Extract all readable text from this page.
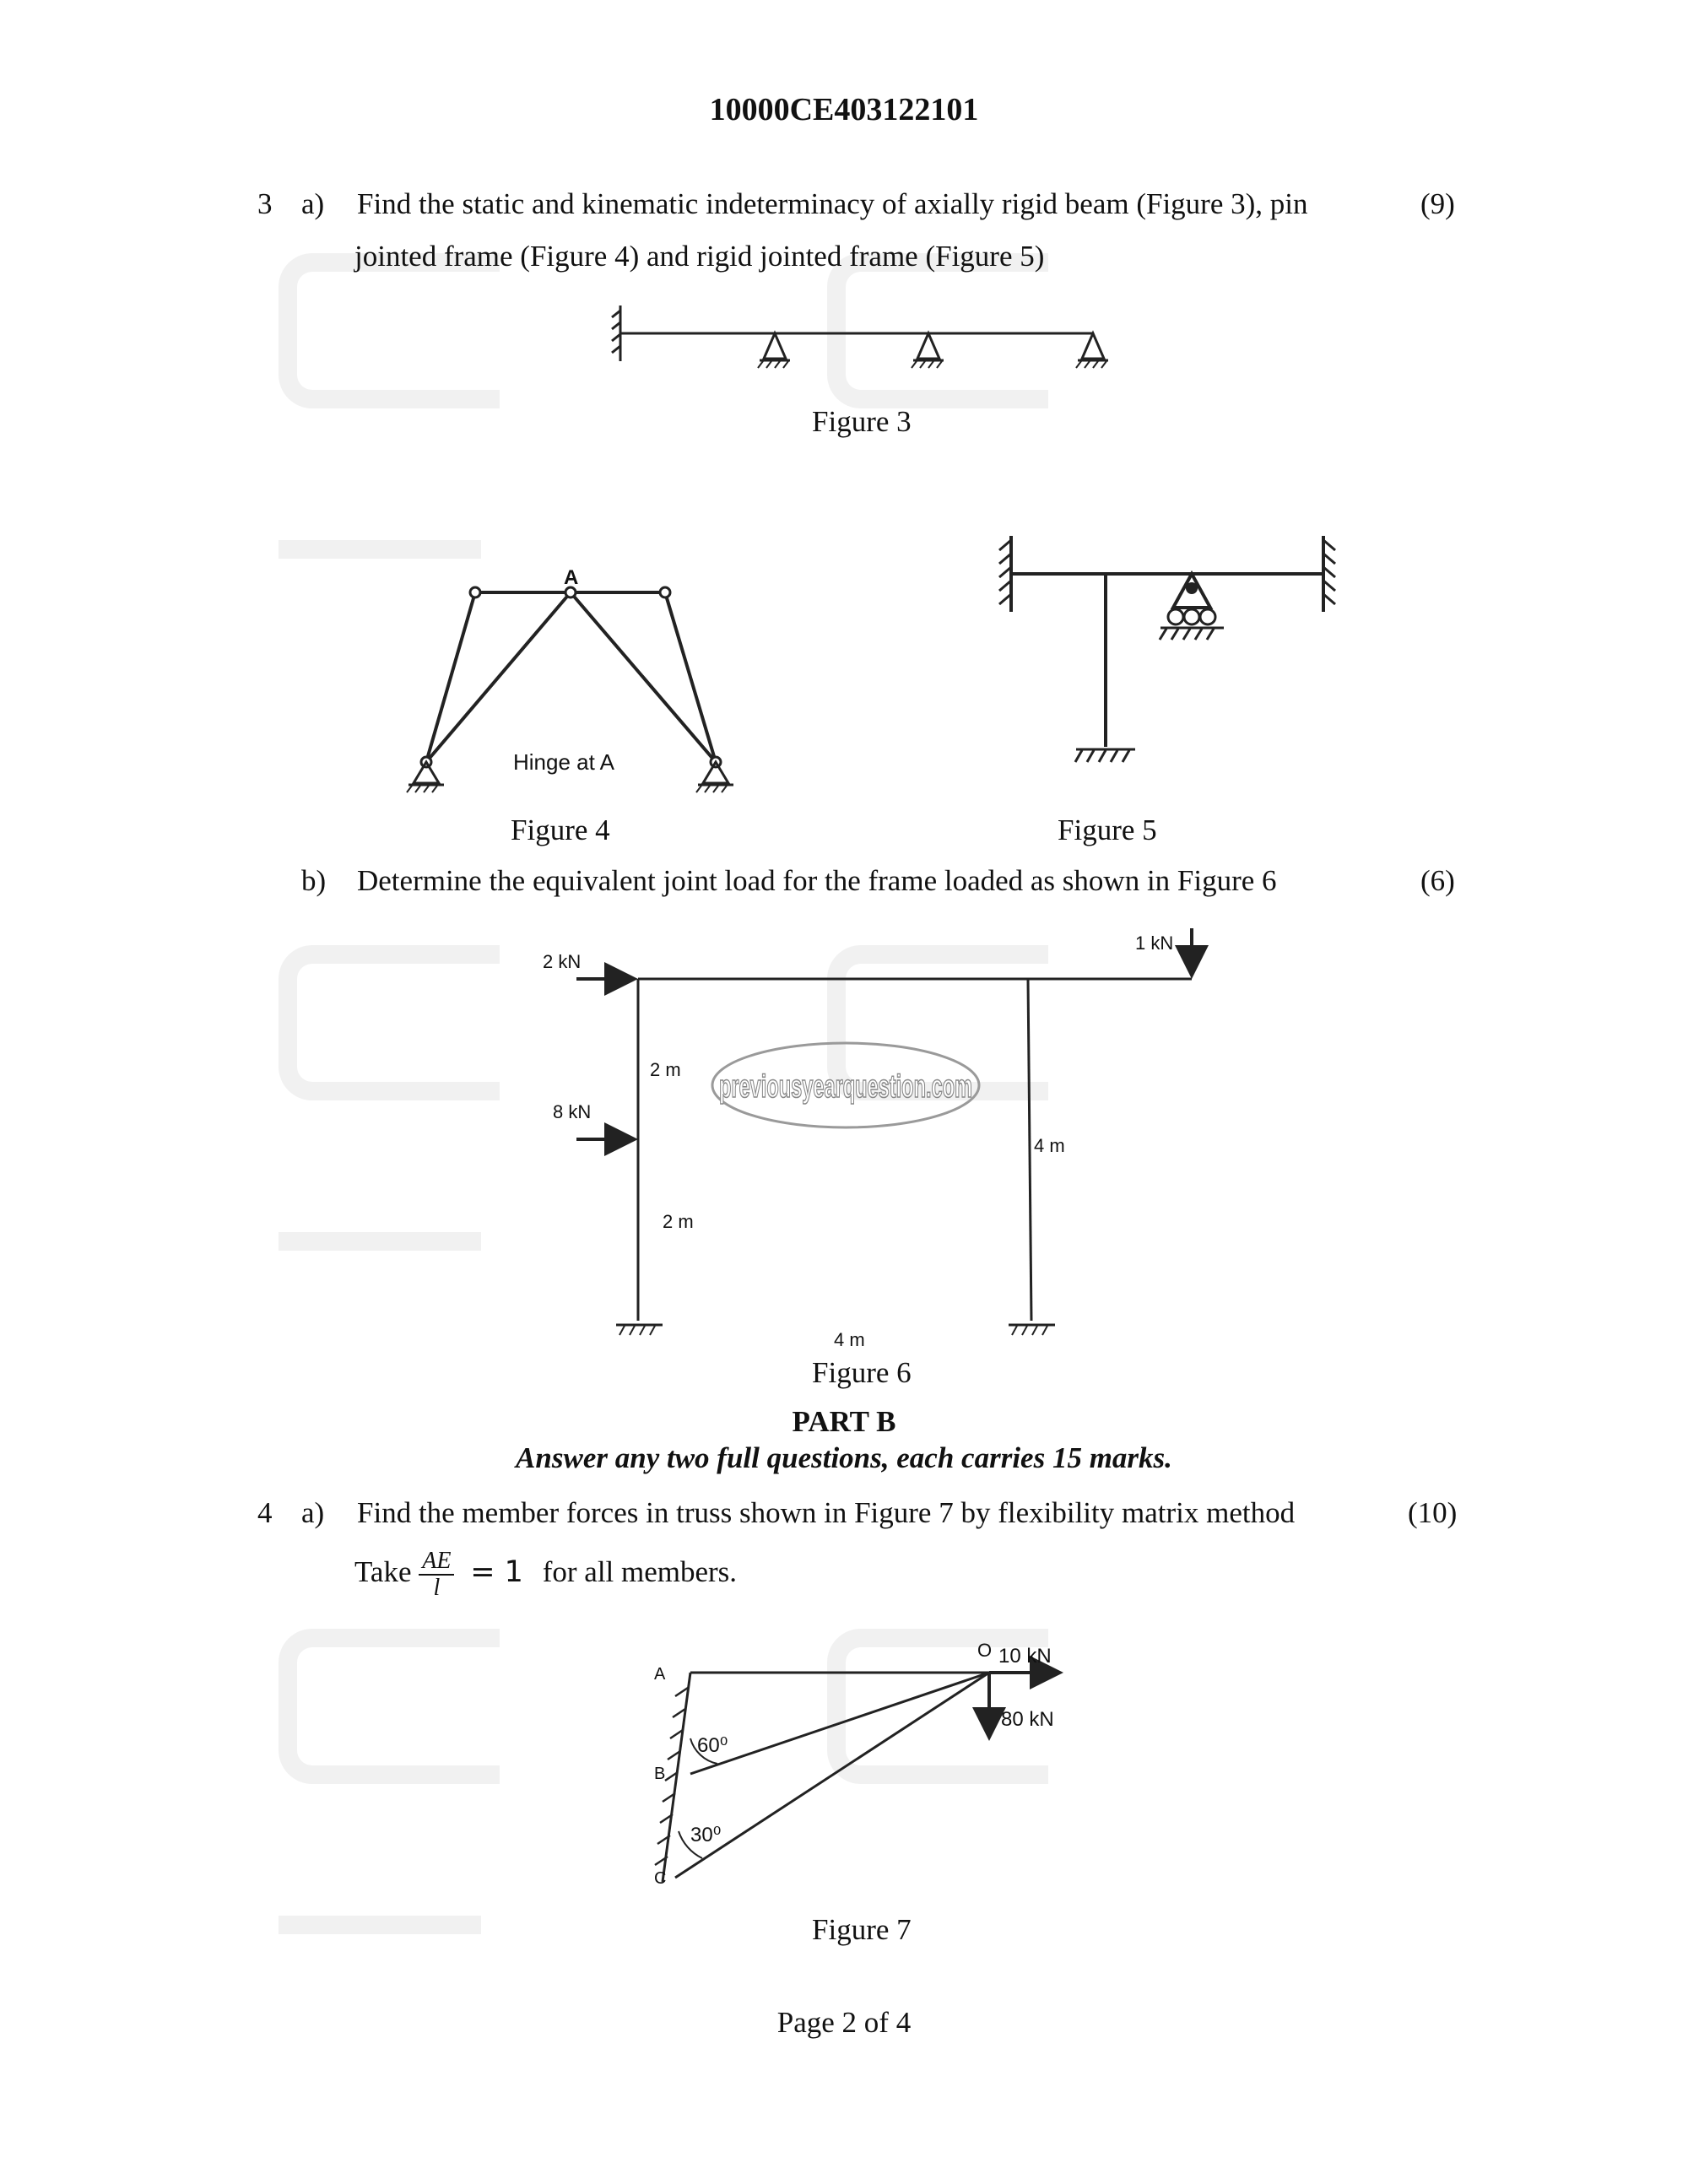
10000CE403122101
3 a) Find the static and kinematic indeterminacy of axially rigid beam (Figure 3), pin
jointed frame (Figure 4) and rigid jointed frame (Figure 5)
(9)
Figure 3
A
Hinge at A
Figure 4	Figure 5
b) Determine the equivalent joint load for the frame loaded as shown in Figure 6	(6)
2 kN
8 kN
1 kN
2 m
2 m
4 m
4 m
previousyearquestion.com
Figure 6
PART B
Answer any two full questions, each carries 15 marks.
4 a) Find the member forces in truss shown in Figure 7 by flexibility matrix method	(10)
Take $\frac{AE}{l} = 1$ for all members.
A
B
C
O 10 kN
80 kN
60⁰
30⁰
Figure 7
Page 2 of 4
